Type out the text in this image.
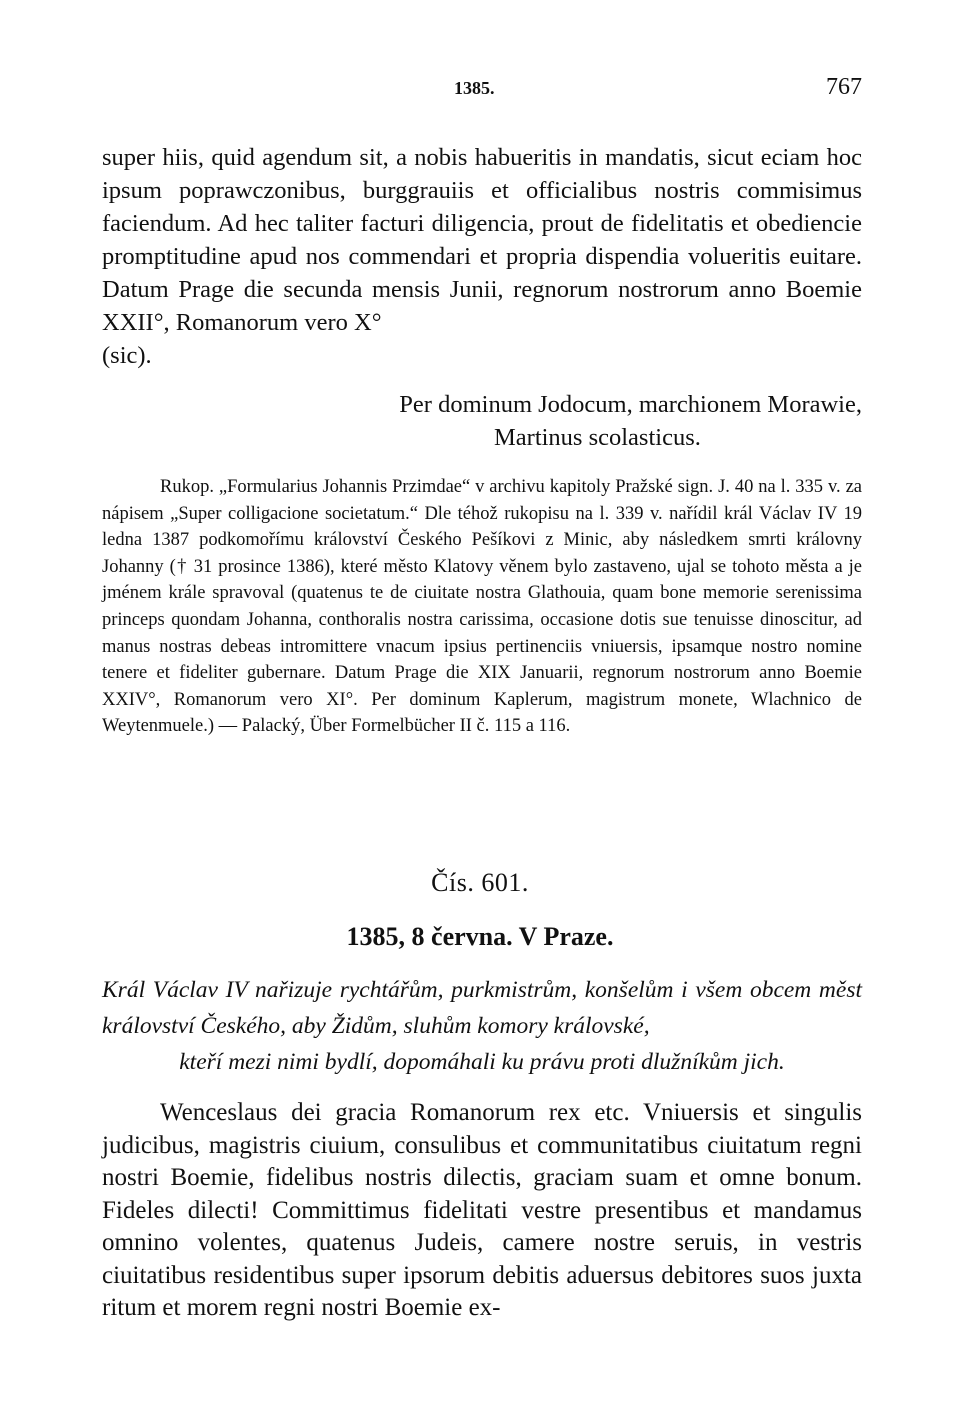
1385.	767
super hiis, quid agendum sit, a nobis habueritis in mandatis, sicut eciam hoc ipsum poprawczonibus, burggrauiis et officialibus nostris commisimus faciendum. Ad hec taliter facturi diligencia, prout de fidelitatis et obediencie promptitudine apud nos commendari et propria dispendia volueritis euitare. Datum Prage die secunda mensis Junii, regnorum nostrorum anno Boemie XXII°, Romanorum vero X°
(sic).
Per dominum Jodocum, marchionem Morawie,
Martinus scolasticus.

Rukop. „Formularius Johannis Przimdae“ v archivu kapitoly Pražské sign. J. 40 na l. 335 v. za nápisem „Super colligacione societatum.“ Dle téhož rukopisu na l. 339 v. nařídil král Václav IV 19 ledna 1387 podkomořímu království Českého Pešíkovi z Minic, aby následkem smrti královny Johanny († 31 prosince 1386), které město Klatovy věnem bylo zastaveno, ujal se tohoto města a je jménem krále spravoval (quatenus te de ciuitate nostra Glathouia, quam bone memorie serenissima princeps quondam Johanna, conthoralis nostra carissima, occasione dotis sue tenuisse dinoscitur, ad manus nostras debeas intromittere vnacum ipsius pertinenciis vniuersis, ipsamque nostro nomine tenere et fideliter gubernare. Datum Prage die XIX Januarii, regnorum nostrorum anno Boemie XXIV°, Romanorum vero XI°. Per dominum Kaplerum, magistrum monete, Wlachnico de Weytenmuele.) — Palacký, Über Formelbücher II č. 115 a 116.

Čís. 601.
1385, 8 června. V Praze.
Král Václav IV nařizuje rychtářům, purkmistrům, konšelům i všem obcem měst království Českého, aby Židům, sluhům komory královské,
kteří mezi nimi bydlí, dopomáhali ku právu proti dlužníkům jich.

Wenceslaus dei gracia Romanorum rex etc. Vniuersis et singulis judicibus, magistris ciuium, consulibus et communitatibus ciuitatum regni nostri Boemie, fidelibus nostris dilectis, graciam suam et omne bonum. Fideles dilecti! Committimus fidelitati vestre presentibus et mandamus omnino volentes, quatenus Judeis, camere nostre seruis, in vestris ciuitatibus residentibus super ipsorum debitis aduersus debitores suos juxta ritum et morem regni nostri Boemie ex-
